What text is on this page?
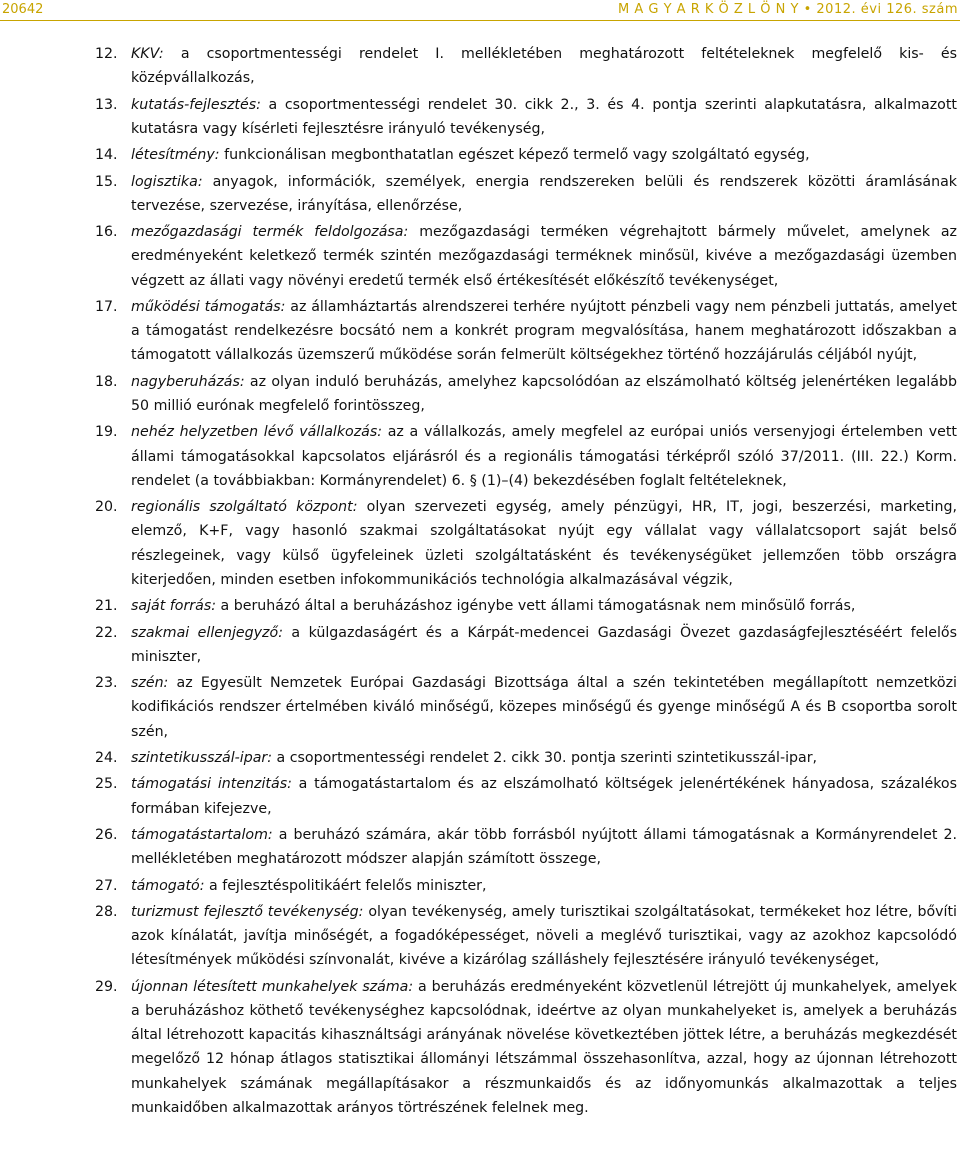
20642	M A G Y A R K Ö Z L Ö N Y • 2012. évi 126. szám
12. KKV: a csoportmentességi rendelet I. mellékletében meghatározott feltételeknek megfelelő kis- és középvállalkozás,
13. kutatás-fejlesztés: a csoportmentességi rendelet 30. cikk 2., 3. és 4. pontja szerinti alapkutatásra, alkalmazott kutatásra vagy kísérleti fejlesztésre irányuló tevékenység,
14. létesítmény: funkcionálisan megbonthatatlan egészet képező termelő vagy szolgáltató egység,
15. logisztika: anyagok, információk, személyek, energia rendszereken belüli és rendszerek közötti áramlásának tervezése, szervezése, irányítása, ellenőrzése,
16. mezőgazdasági termék feldolgozása: mezőgazdasági terméken végrehajtott bármely művelet, amelynek az eredményeként keletkező termék szintén mezőgazdasági terméknek minősül, kivéve a mezőgazdasági üzemben végzett az állati vagy növényi eredetű termék első értékesítését előkészítő tevékenységet,
17. működési támogatás: az államháztartás alrendszerei terhére nyújtott pénzbeli vagy nem pénzbeli juttatás, amelyet a támogatást rendelkezésre bocsátó nem a konkrét program megvalósítása, hanem meghatározott időszakban a támogatott vállalkozás üzemszerű működése során felmerült költségekhez történő hozzájárulás céljából nyújt,
18. nagyberuházás: az olyan induló beruházás, amelyhez kapcsolódóan az elszámolható költség jelenértéken legalább 50 millió eurónak megfelelő forintösszeg,
19. nehéz helyzetben lévő vállalkozás: az a vállalkozás, amely megfelel az európai uniós versenyjogi értelemben vett állami támogatásokkal kapcsolatos eljárásról és a regionális támogatási térképről szóló 37/2011. (III. 22.) Korm. rendelet (a továbbiakban: Kormányrendelet) 6. § (1)–(4) bekezdésében foglalt feltételeknek,
20. regionális szolgáltató központ: olyan szervezeti egység, amely pénzügyi, HR, IT, jogi, beszerzési, marketing, elemző, K+F, vagy hasonló szakmai szolgáltatásokat nyújt egy vállalat vagy vállalatcsoport saját belső részlegeinek, vagy külső ügyfeleinek üzleti szolgáltatásként és tevékenységüket jellemzően több országra kiterjedően, minden esetben infokommunikációs technológia alkalmazásával végzik,
21. saját forrás: a beruházó által a beruházáshoz igénybe vett állami támogatásnak nem minősülő forrás,
22. szakmai ellenjegyző: a külgazdaságért és a Kárpát-medencei Gazdasági Övezet gazdaságfejlesztéséért felelős miniszter,
23. szén: az Egyesült Nemzetek Európai Gazdasági Bizottsága által a szén tekintetében megállapított nemzetközi kodifikációs rendszer értelmében kiváló minőségű, közepes minőségű és gyenge minőségű A és B csoportba sorolt szén,
24. szintetikusszál-ipar: a csoportmentességi rendelet 2. cikk 30. pontja szerinti szintetikusszál-ipar,
25. támogatási intenzitás: a támogatástartalom és az elszámolható költségek jelenértékének hányadosa, százalékos formában kifejezve,
26. támogatástartalom: a beruházó számára, akár több forrásból nyújtott állami támogatásnak a Kormányrendelet 2. mellékletében meghatározott módszer alapján számított összege,
27. támogató: a fejlesztéspolitikáért felelős miniszter,
28. turizmust fejlesztő tevékenység: olyan tevékenység, amely turisztikai szolgáltatásokat, termékeket hoz létre, bővíti azok kínálatát, javítja minőségét, a fogadóképességet, növeli a meglévő turisztikai, vagy az azokhoz kapcsolódó létesítmények működési színvonalát, kivéve a kizárólag szálláshely fejlesztésére irányuló tevékenységet,
29. újonnan létesített munkahelyek száma: a beruházás eredményeként közvetlenül létrejött új munkahelyek, amelyek a beruházáshoz köthető tevékenységhez kapcsolódnak, ideértve az olyan munkahelyeket is, amelyek a beruházás által létrehozott kapacitás kihasználtsági arányának növelése következtében jöttek létre, a beruházás megkezdését megelőző 12 hónap átlagos statisztikai állományi létszámmal összehasonlítva, azzal, hogy az újonnan létrehozott munkahelyek számának megállapításakor a részmunkaidős és az időnyomunkás alkalmazottak a teljes munkaidőben alkalmazottak arányos törtrészének felelnek meg.
